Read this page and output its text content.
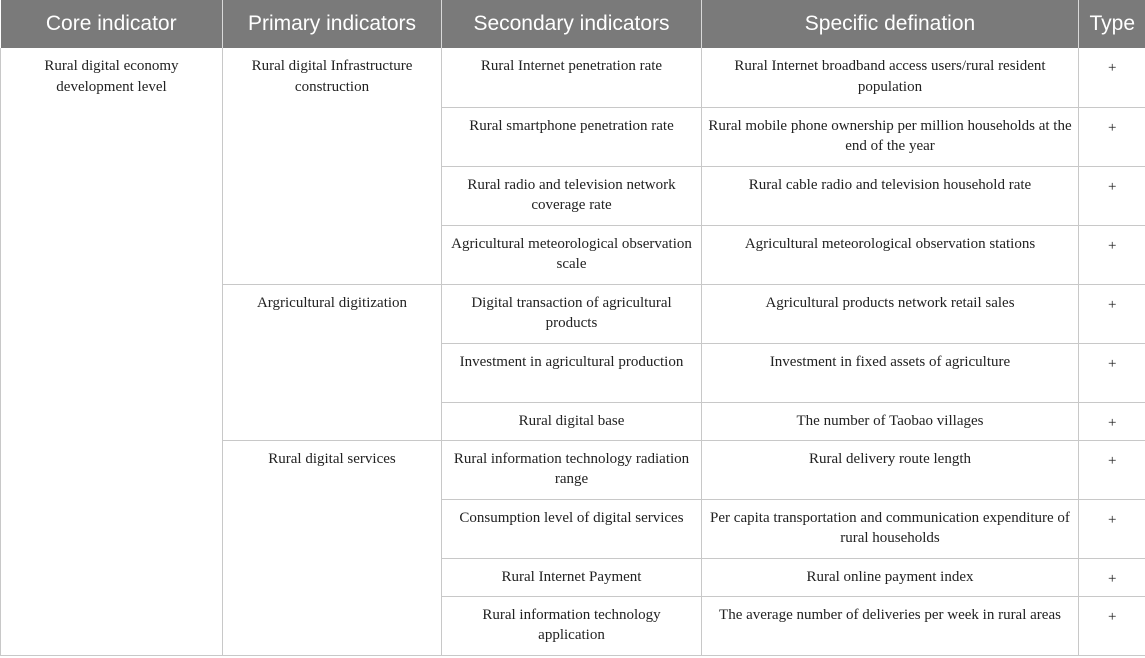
Core indicator	Primary indicators	Secondary indicators	Specific defination	Type
Rural digital economy development level	Rural digital Infrastructure construction	Rural Internet penetration rate	Rural Internet broadband access users/rural resident population	+
		Rural smartphone penetration rate	Rural mobile phone ownership per million households at the end of the year	+
		Rural radio and television network coverage rate	Rural cable radio and television household rate	+
		Agricultural meteorological observation scale	Agricultural meteorological observation stations	+
	Argricultural digitization	Digital transaction of agricultural products	Agricultural products network retail sales	+
		Investment in agricultural production	Investment in fixed assets of agriculture	+
		Rural digital base	The number of Taobao villages	+
	Rural digital services	Rural information technology radiation range	Rural delivery route length	+
		Consumption level of digital services	Per capita transportation and communication expenditure of rural households	+
		Rural Internet Payment	Rural online payment index	+
		Rural information technology application	The average number of deliveries per week in rural areas	+
